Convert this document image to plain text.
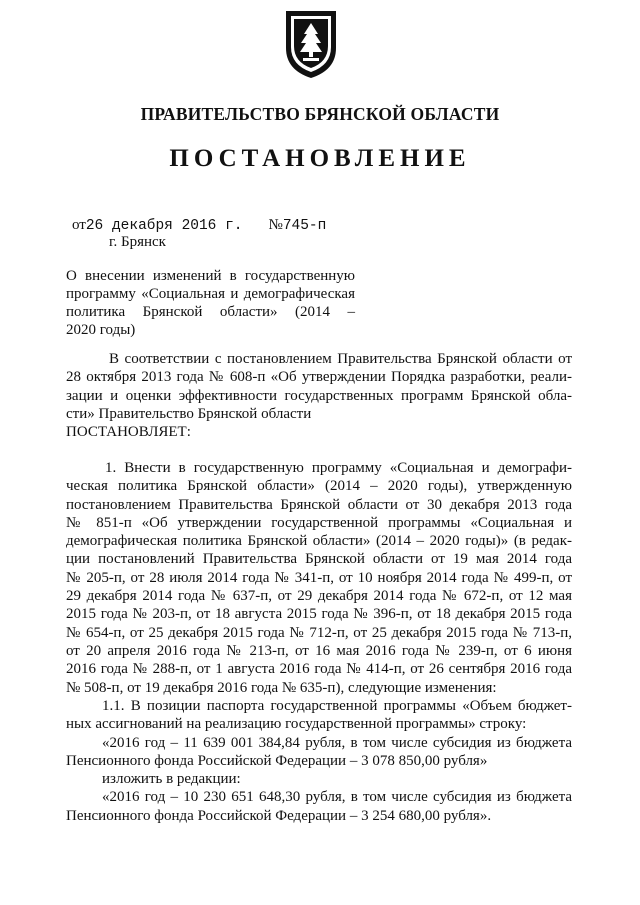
ПРАВИТЕЛЬСТВО БРЯНСКОЙ ОБЛАСТИ
ПОСТАНОВЛЕНИЕ
от26 декабря 2016 г. №745-п
г. Брянск
О внесении изменений в государственную
программу «Социальная и демографическая
политика Брянской области» (2014 –
2020 годы)
В соответствии с постановлением Правительства Брянской области от
28 октября 2013 года № 608-п «Об утверждении Порядка разработки, реали-
зации и оценки эффективности государственных программ Брянской обла-
сти» Правительство Брянской области
ПОСТАНОВЛЯЕТ:
1. Внести в государственную программу «Социальная и демографи-
ческая политика Брянской области» (2014 – 2020 годы), утвержденную
постановлением Правительства Брянской области от 30 декабря 2013 года
№ 851-п «Об утверждении государственной программы «Социальная и
демографическая политика Брянской области» (2014 – 2020 годы)» (в редак-
ции постановлений Правительства Брянской области от 19 мая 2014 года
№ 205-п, от 28 июля 2014 года № 341-п, от 10 ноября 2014 года № 499-п, от
29 декабря 2014 года № 637-п, от 29 декабря 2014 года № 672-п, от 12 мая
2015 года № 203-п, от 18 августа 2015 года № 396-п, от 18 декабря 2015 года
№ 654-п, от 25 декабря 2015 года № 712-п, от 25 декабря 2015 года № 713-п,
от 20 апреля 2016 года № 213-п, от 16 мая 2016 года № 239-п, от 6 июня
2016 года № 288-п, от 1 августа 2016 года № 414-п, от 26 сентября 2016 года
№ 508-п, от 19 декабря 2016 года № 635-п), следующие изменения:
1.1. В позиции паспорта государственной программы «Объем бюджет-
ных ассигнований на реализацию государственной программы» строку:
«2016 год – 11 639 001 384,84 рубля, в том числе субсидия из бюджета
Пенсионного фонда Российской Федерации – 3 078 850,00 рубля»
изложить в редакции:
«2016 год – 10 230 651 648,30 рубля, в том числе субсидия из бюджета
Пенсионного фонда Российской Федерации – 3 254 680,00 рубля».
